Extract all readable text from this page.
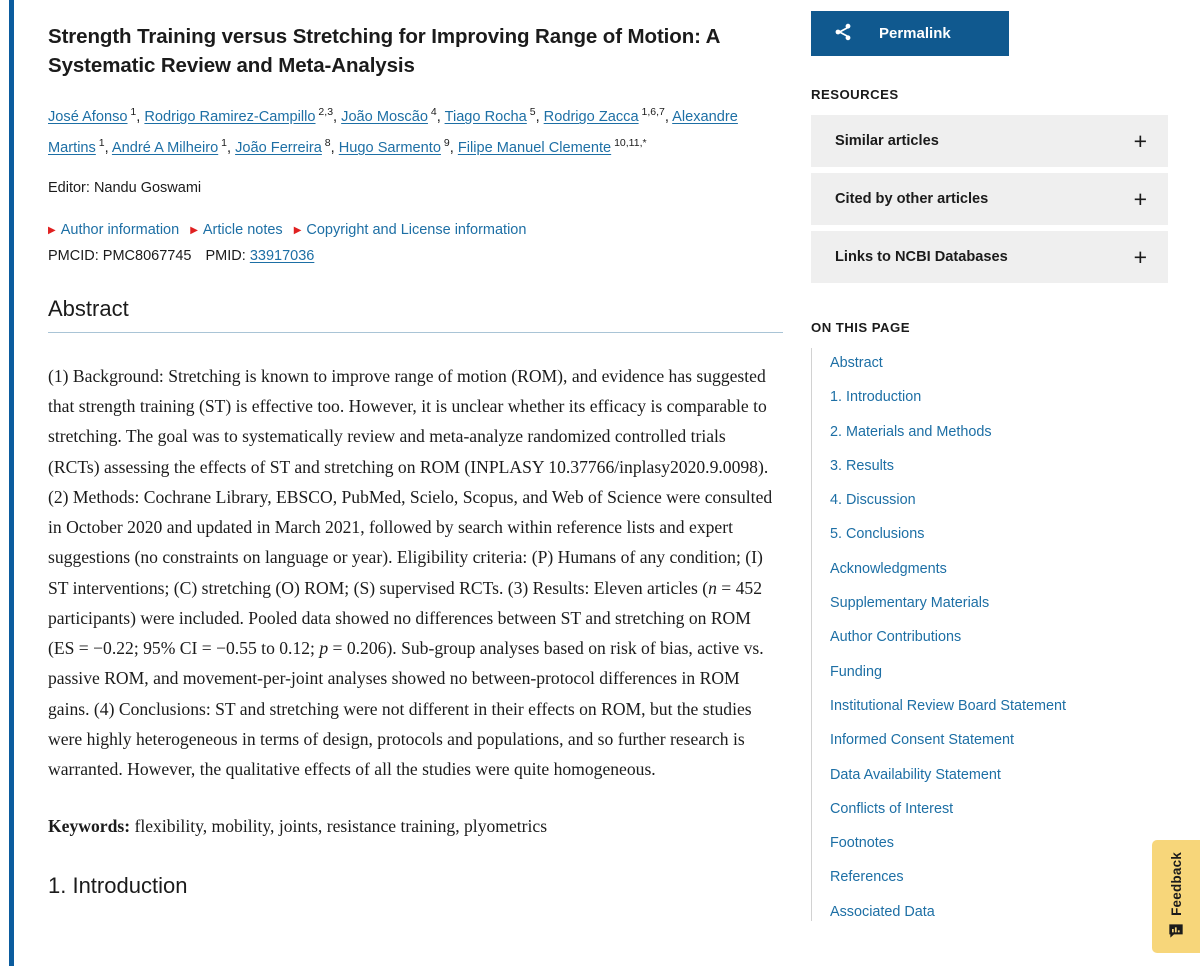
Strength Training versus Stretching for Improving Range of Motion: A Systematic Review and Meta-Analysis
José Afonso $^1$, Rodrigo Ramirez-Campillo $^{2,3}$, João Moscão $^4$, Tiago Rocha $^5$, Rodrigo Zacca $^{1,6,7}$, Alexandre Martins $^1$, André A Milheiro $^1$, João Ferreira $^8$, Hugo Sarmento $^9$, Filipe Manuel Clemente $^{10,11,*}$
Editor: Nandu Goswami
▶ Author information ▶ Article notes ▶ Copyright and License information
PMCID: PMC8067745 PMID: 33917036
Abstract
(1) Background: Stretching is known to improve range of motion (ROM), and evidence has suggested that strength training (ST) is effective too. However, it is unclear whether its efficacy is comparable to stretching. The goal was to systematically review and meta-analyze randomized controlled trials (RCTs) assessing the effects of ST and stretching on ROM (INPLASY 10.37766/inplasy2020.9.0098). (2) Methods: Cochrane Library, EBSCO, PubMed, Scielo, Scopus, and Web of Science were consulted in October 2020 and updated in March 2021, followed by search within reference lists and expert suggestions (no constraints on language or year). Eligibility criteria: (P) Humans of any condition; (I) ST interventions; (C) stretching (O) ROM; (S) supervised RCTs. (3) Results: Eleven articles (n = 452 participants) were included. Pooled data showed no differences between ST and stretching on ROM (ES = −0.22; 95% CI = −0.55 to 0.12; p = 0.206). Sub-group analyses based on risk of bias, active vs. passive ROM, and movement-per-joint analyses showed no between-protocol differences in ROM gains. (4) Conclusions: ST and stretching were not different in their effects on ROM, but the studies were highly heterogeneous in terms of design, protocols and populations, and so further research is warranted. However, the qualitative effects of all the studies were quite homogeneous.
Keywords: flexibility, mobility, joints, resistance training, plyometrics
1. Introduction
Permalink
RESOURCES
Similar articles	+
Cited by other articles	+
Links to NCBI Databases	+
ON THIS PAGE
Abstract
1. Introduction
2. Materials and Methods
3. Results
4. Discussion
5. Conclusions
Acknowledgments
Supplementary Materials
Author Contributions
Funding
Institutional Review Board Statement
Informed Consent Statement
Data Availability Statement
Conflicts of Interest
Footnotes
References
Associated Data	Feedback
